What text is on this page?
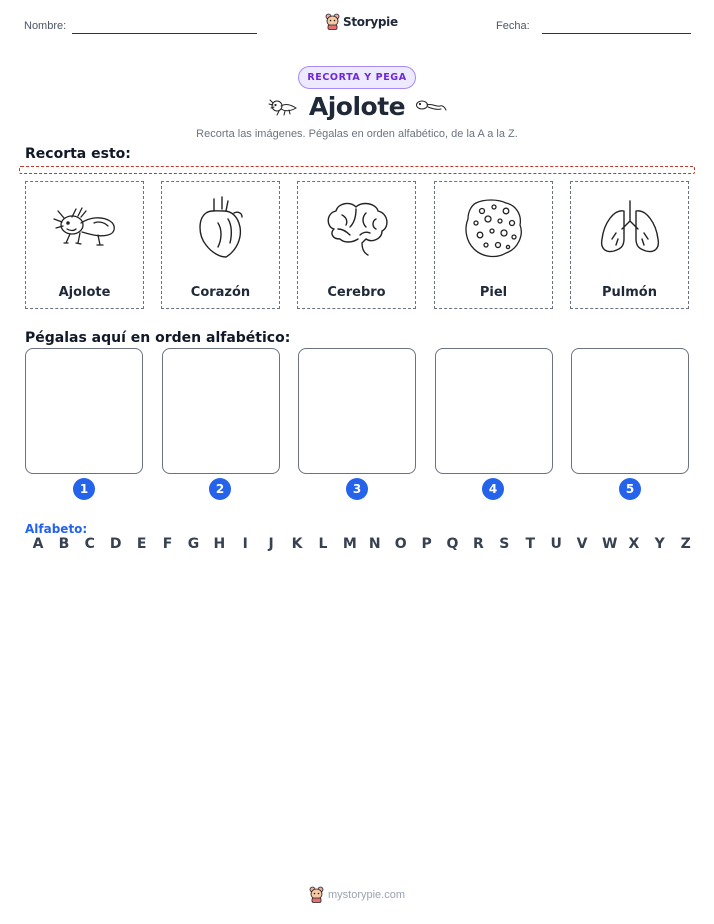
Nombre:	Fecha:
Storypie
RECORTA Y PEGA
Ajolote
Recorta las imágenes. Pégalas en orden alfabético, de la A a la Z.
Recorta esto:
Ajolote	Corazón	Cerebro	Piel	Pulmón
Pégalas aquí en orden alfabético:
1	2	3	4	5
Alfabeto:
A B C D E F G H I J K L M N O P Q R S T U V W X Y Z
mystorypie.com
